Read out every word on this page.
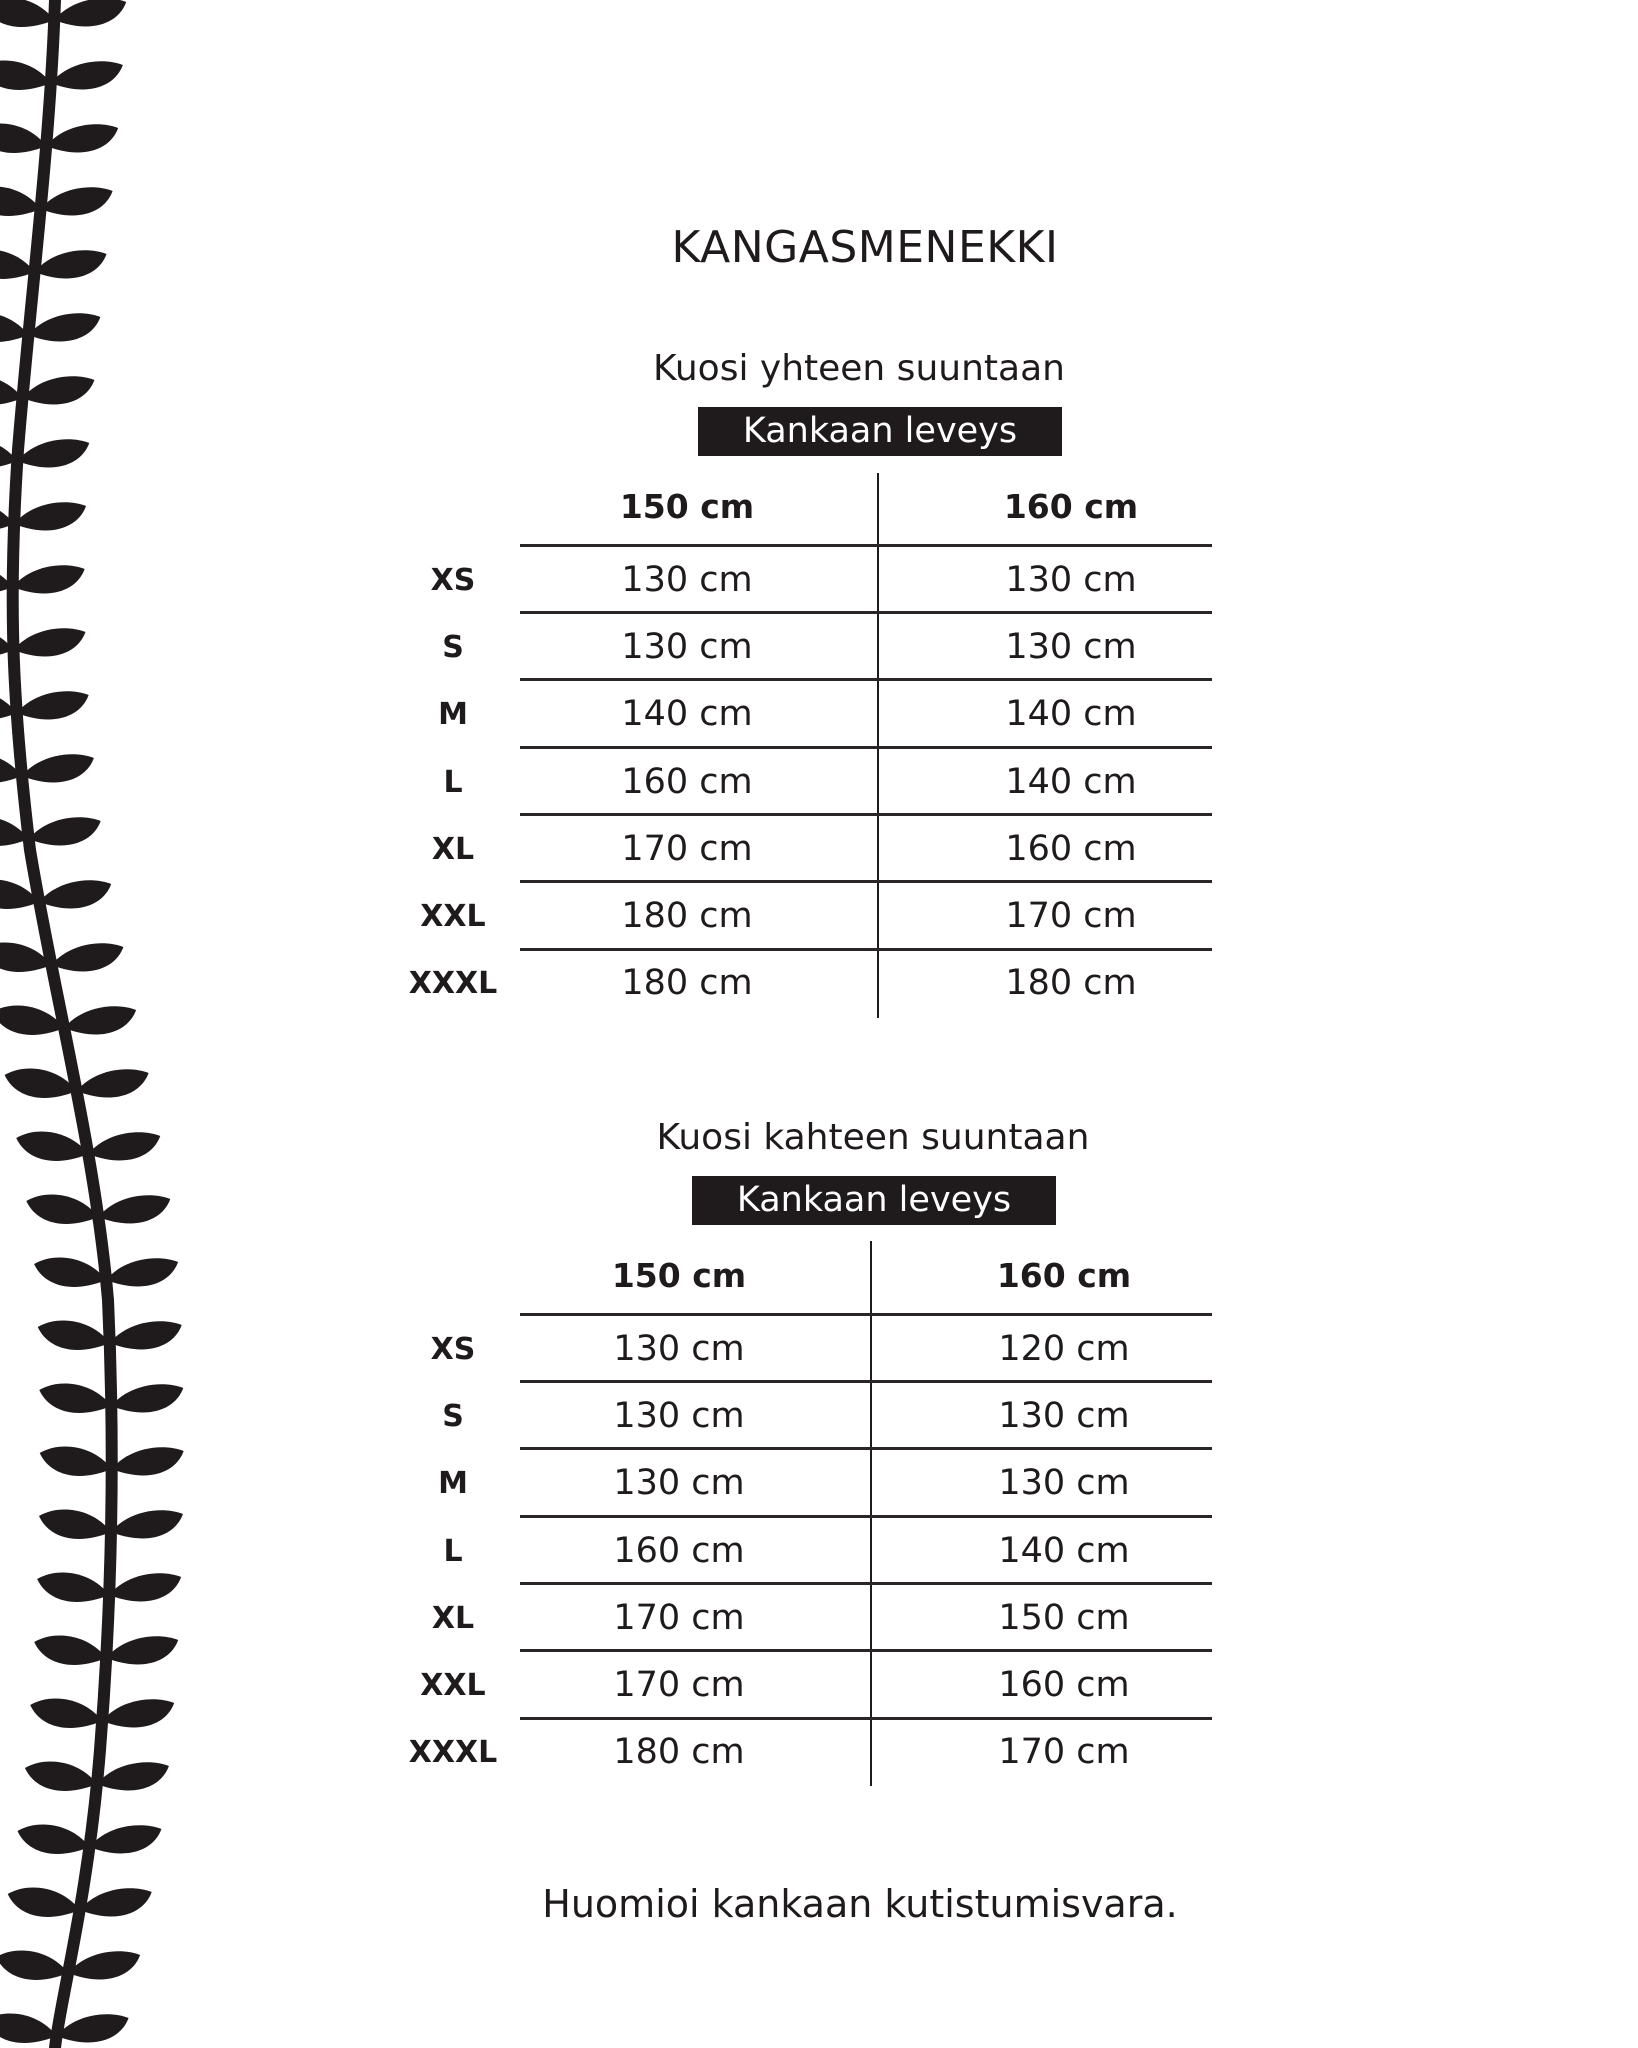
KANGASMENEKKI
Kuosi yhteen suuntaan
Kankaan leveys
150 cm	160 cm
XS	130 cm	130 cm
S	130 cm	130 cm
M	140 cm	140 cm
L	160 cm	140 cm
XL	170 cm	160 cm
XXL	180 cm	170 cm
XXXL	180 cm	180 cm
Kuosi kahteen suuntaan
Kankaan leveys
150 cm	160 cm
XS	130 cm	120 cm
S	130 cm	130 cm
M	130 cm	130 cm
L	160 cm	140 cm
XL	170 cm	150 cm
XXL	170 cm	160 cm
XXXL	180 cm	170 cm
Huomioi kankaan kutistumisvara.
